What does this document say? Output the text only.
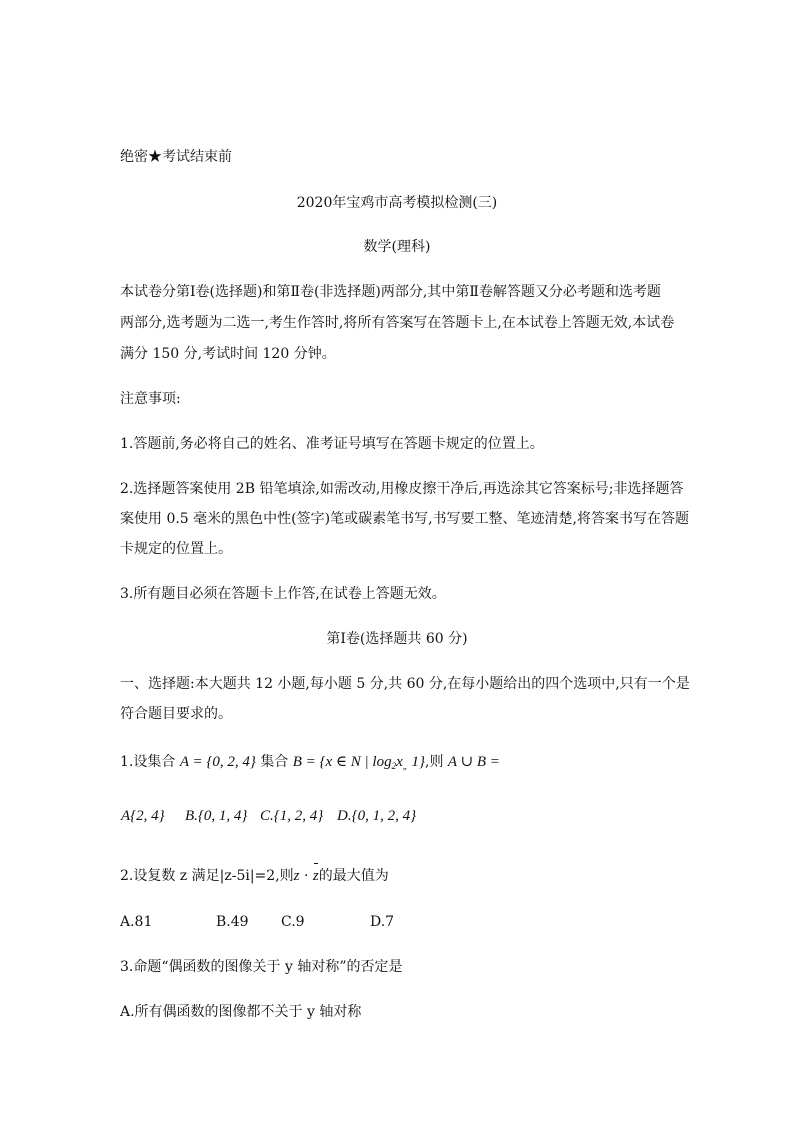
绝密★考试结束前
2020年宝鸡市高考模拟检测(三)
数学(理科)
本试卷分第Ⅰ卷(选择题)和第Ⅱ卷(非选择题)两部分,其中第Ⅱ卷解答题又分必考题和选考题
两部分,选考题为二选一,考生作答时,将所有答案写在答题卡上,在本试卷上答题无效,本试卷
满分 150 分,考试时间 120 分钟。
注意事项:
1.答题前,务必将自己的姓名、准考证号填写在答题卡规定的位置上。
2.选择题答案使用 2B 铅笔填涂,如需改动,用橡皮擦干净后,再选涂其它答案标号;非选择题答
案使用 0.5 毫米的黑色中性(签字)笔或碳素笔书写,书写要工整、笔迹清楚,将答案书写在答题
卡规定的位置上。
3.所有题目必须在答题卡上作答,在试卷上答题无效。
第Ⅰ卷(选择题共 60 分)
一、选择题:本大题共 12 小题,每小题 5 分,共 60 分,在每小题给出的四个选项中,只有一个是
符合题目要求的。
1.设集合 A = {0, 2, 4} 集合 B = {x ∈ N | $\log_2x_„$ 1},则 A ∪ B =
A{2, 4} B.{0, 1, 4} C.{1, 2, 4} D.{0, 1, 2, 4}
2.设复数 z 满足|z-5i|=2,则z · z的最大值为
A.81	B.49 C.9	D.7
3.命题“偶函数的图像关于 y 轴对称”的否定是
A.所有偶函数的图像都不关于 y 轴对称
